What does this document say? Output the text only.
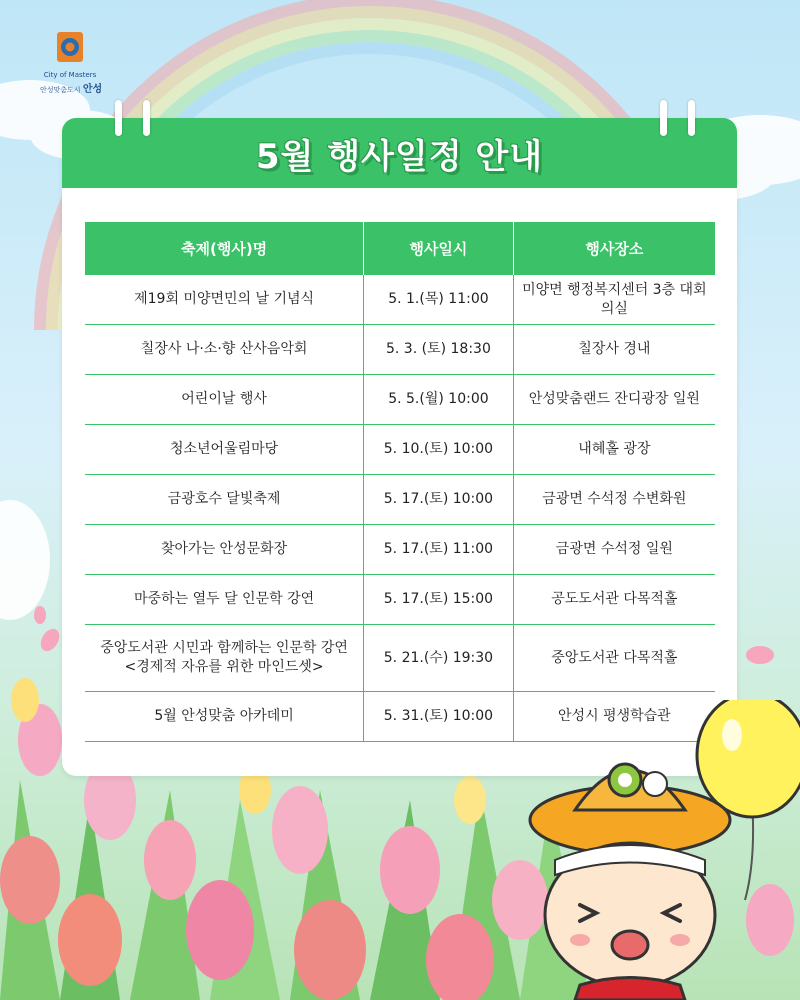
City of Masters
안성맞춤도시 안성
5월 행사일정 안내
축제(행사)명	행사일시	행사장소
제19회 미양면민의 날 기념식	5. 1.(목) 11:00	미양면 행정복지센터 3층 대회의실
칠장사 나·소·향 산사음악회	5. 3. (토) 18:30	칠장사 경내
어린이날 행사	5. 5.(월) 10:00	안성맞춤랜드 잔디광장 일원
청소년어울림마당	5. 10.(토) 10:00	내혜홀 광장
금광호수 달빛축제	5. 17.(토) 10:00	금광면 수석정 수변화원
찾아가는 안성문화장	5. 17.(토) 11:00	금광면 수석정 일원
마중하는 열두 달 인문학 강연	5. 17.(토) 15:00	공도도서관 다목적홀

중앙도서관 시민과 함께하는 인문학 강연
<경제적 자유를 위한 마인드셋>	5. 21.(수) 19:30	중앙도서관 다목적홀
5월 안성맞춤 아카데미	5. 31.(토) 10:00	안성시 평생학습관
